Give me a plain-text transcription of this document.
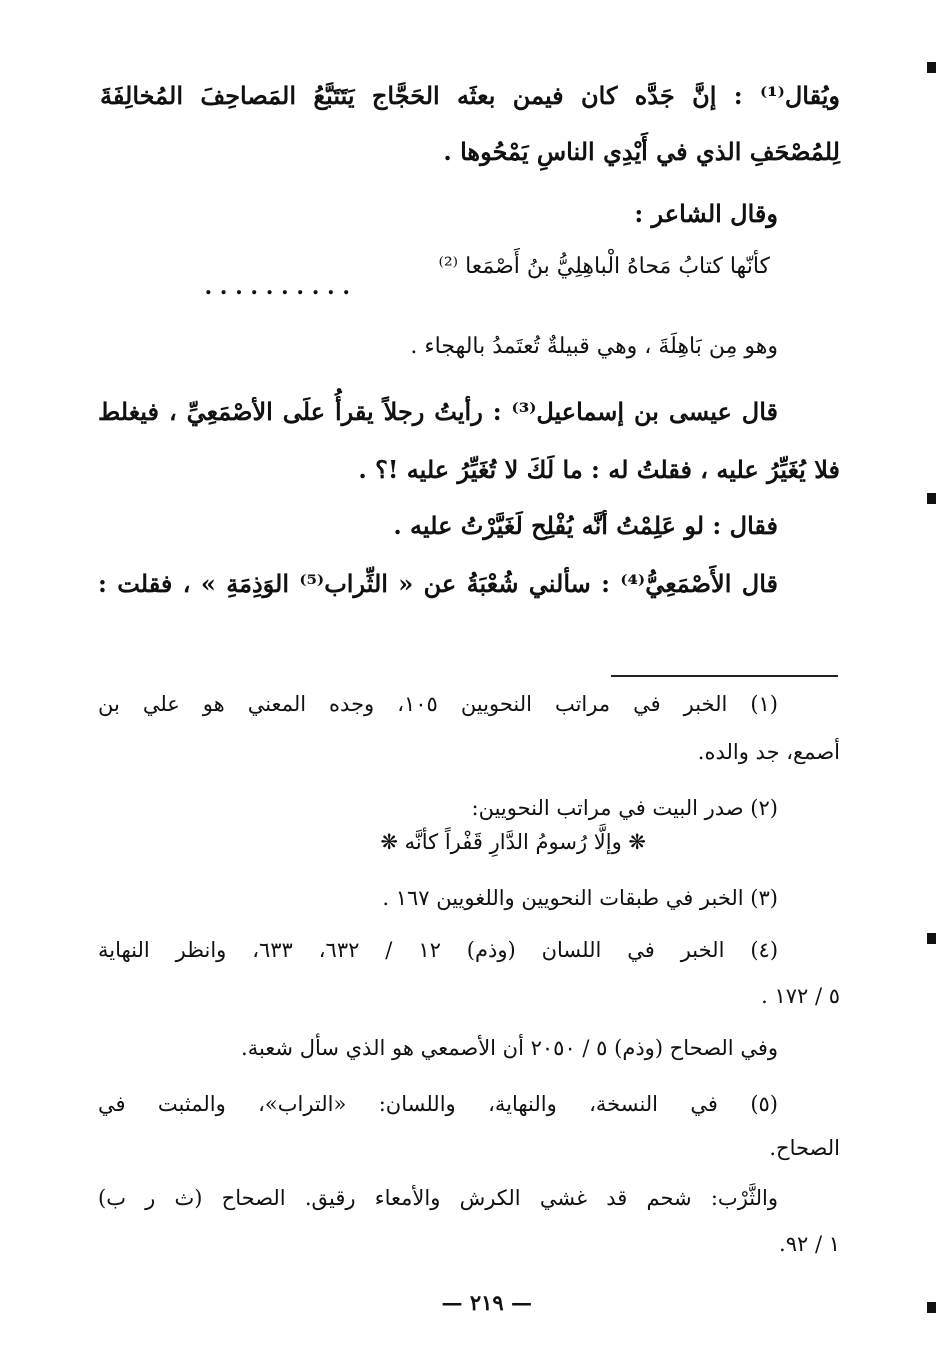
ويُقال⁽¹⁾ : إنَّ جَدَّه كان فيمن بعثَه الحَجَّاج يَتَتَبَّعُ المَصاحِفَ المُخالِفَةَ

لِلمُصْحَفِ الذي في أَيْدِي الناسِ يَمْحُوها .

وقال الشاعر :

كأنّها كتابُ مَحاهُ الْباهِلِيُّ بنُ أَصْمَعا ⁽²⁾

. . . . . . . . . .

وهو مِن بَاهِلَةَ ، وهي قبيلةٌ تُعتَمدُ بالهجاء .

قال عيسى بن إسماعيل⁽³⁾ : رأيتُ رجلاً يقرأُ علَى الأصْمَعِيِّ ، فيغلط

فلا يُغَيِّرُ عليه ، فقلتُ له : ما لَكَ لا تُغَيِّرُ عليه !؟ .

فقال : لو عَلِمْتُ أنَّه يُفْلِح لَغَيَّرْتُ عليه .

قال الأَصْمَعِيُّ⁽⁴⁾ : سألني شُعْبَةُ عن « الثِّراب⁽⁵⁾ الوَذِمَةِ » ، فقلت :

(١) الخبر في مراتب النحويين ١٠٥، وجده المعني هو علي بن

أصمع، جد والده.

(٢) صدر البيت في مراتب النحويين:

❋ وإلَّا رُسومُ الدَّارِ قَفْراً كأنَّه ❋

(٣) الخبر في طبقات النحويين واللغويين ١٦٧ .

(٤) الخبر في اللسان (وذم) ١٢ / ٦٣٢، ٦٣٣، وانظر النهاية

٥ / ١٧٢ .

وفي الصحاح (وذم) ٥ / ٢٠٥٠ أن الأصمعي هو الذي سأل شعبة.

(٥) في النسخة، والنهاية، واللسان: «التراب»، والمثبت في

الصحاح.

والثَّرْب: شحم قد غشي الكرش والأمعاء رقيق. الصحاح (ث ر ب)

١ / ٩٢.

— ٢١٩ —
